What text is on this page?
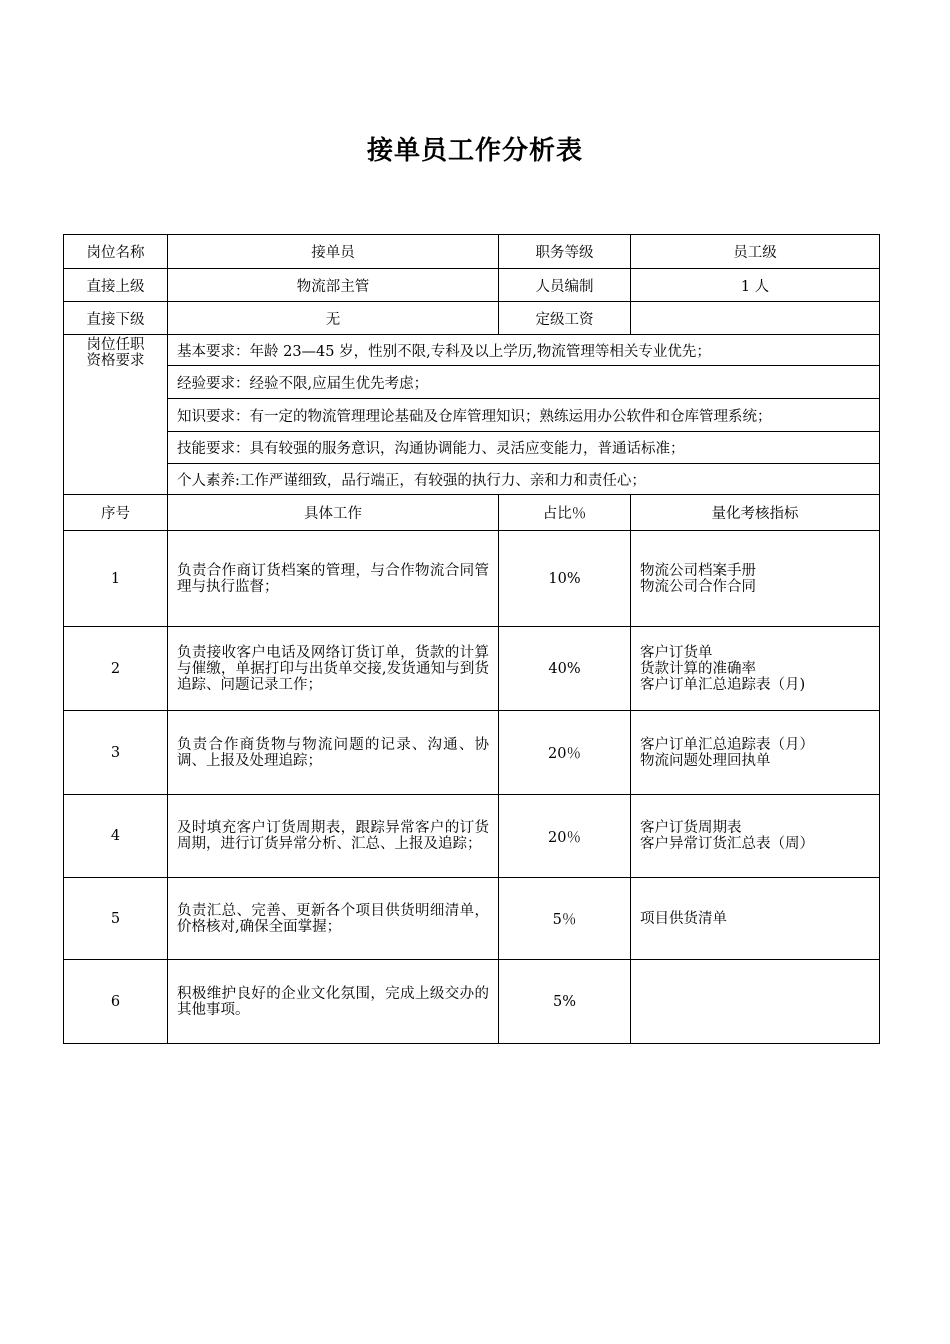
接单员工作分析表
岗位名称	接单员	职务等级	员工级
直接上级	物流部主管	人员编制	1 人
直接下级	无	定级工资	

岗位任职
资格要求	基本要求：年龄 23—45 岁，性别不限,专科及以上学历,物流管理等相关专业优先；		
	经验要求：经验不限,应届生优先考虑；		
	知识要求：有一定的物流管理理论基础及仓库管理知识；熟练运用办公软件和仓库管理系统；		
	技能要求：具有较强的服务意识，沟通协调能力、灵活应变能力，普通话标准；		
	个人素养:工作严谨细致，品行端正，有较强的执行力、亲和力和责任心；		
序号	具体工作	占比％	量化考核指标
1	负责合作商订货档案的管理，与合作物流合同管理与执行监督；	10%	物流公司档案手册
物流公司合作合同

2	负责接收客户电话及网络订货订单，货款的计算与催缴，单据打印与出货单交接,发货通知与到货追踪、问题记录工作；	40%	客户订货单
货款计算的准确率
客户订单汇总追踪表（月)

3	负责合作商货物与物流问题的记录、沟通、协调、上报及处理追踪；	20％	客户订单汇总追踪表（月）
物流问题处理回执单

4	及时填充客户订货周期表，跟踪异常客户的订货周期，进行订货异常分析、汇总、上报及追踪；	20％	客户订货周期表
客户异常订货汇总表（周）

5	负责汇总、完善、更新各个项目供货明细清单，价格核对,确保全面掌握；	5％	项目供货清单

6	积极维护良好的企业文化氛围，完成上级交办的其他事项。	5%	
